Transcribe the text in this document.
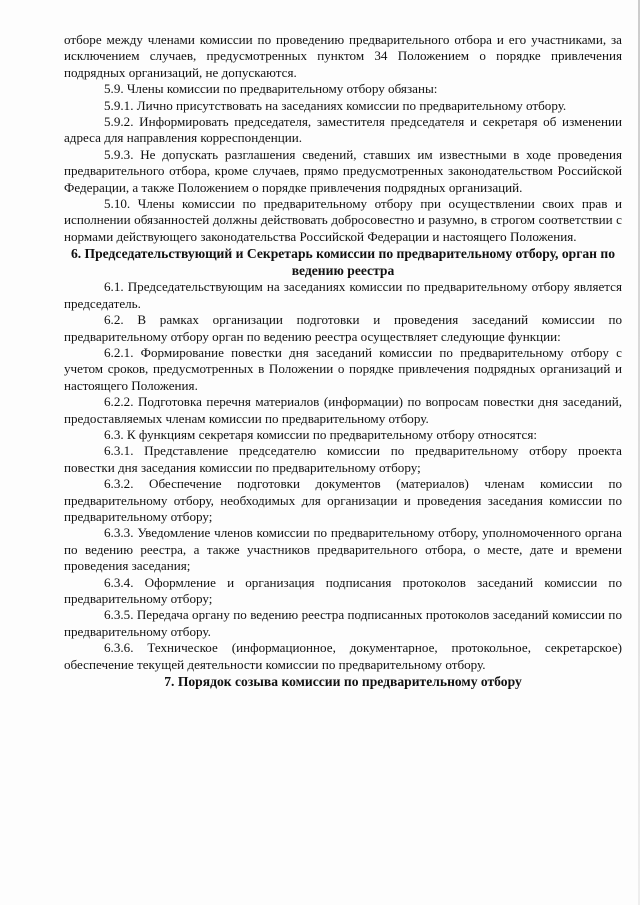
отборе между членами комиссии по проведению предварительного отбора и его участниками, за исключением случаев, предусмотренных пунктом 34 Положением о порядке привлечения подрядных организаций, не допускаются.

5.9. Члены комиссии по предварительному отбору обязаны:

5.9.1. Лично присутствовать на заседаниях комиссии по предварительному отбору.

5.9.2. Информировать председателя, заместителя председателя и секретаря об изменении адреса для направления корреспонденции.

5.9.3. Не допускать разглашения сведений, ставших им известными в ходе проведения предварительного отбора, кроме случаев, прямо предусмотренных законодательством Российской Федерации, а также Положением о порядке привлечения подрядных организаций.

5.10. Члены комиссии по предварительному отбору при осуществлении своих прав и исполнении обязанностей должны действовать добросовестно и разумно, в строгом соответствии с нормами действующего законодательства Российской Федерации и настоящего Положения.

6. Председательствующий и Секретарь комиссии по предварительному отбору, орган по ведению реестра

6.1. Председательствующим на заседаниях комиссии по предварительному отбору является председатель.

6.2. В рамках организации подготовки и проведения заседаний комиссии по предварительному отбору орган по ведению реестра осуществляет следующие функции:

6.2.1. Формирование повестки дня заседаний комиссии по предварительному отбору с учетом сроков, предусмотренных в Положении о порядке привлечения подрядных организаций и настоящего Положения.

6.2.2. Подготовка перечня материалов (информации) по вопросам повестки дня заседаний, предоставляемых членам комиссии по предварительному отбору.

6.3. К функциям секретаря комиссии по предварительному отбору относятся:

6.3.1. Представление председателю комиссии по предварительному отбору проекта повестки дня заседания комиссии по предварительному отбору;

6.3.2. Обеспечение подготовки документов (материалов) членам комиссии по предварительному отбору, необходимых для организации и проведения заседания комиссии по предварительному отбору;

6.3.3. Уведомление членов комиссии по предварительному отбору, уполномоченного органа по ведению реестра, а также участников предварительного отбора, о месте, дате и времени проведения заседания;

6.3.4. Оформление и организация подписания протоколов заседаний комиссии по предварительному отбору;

6.3.5. Передача органу по ведению реестра подписанных протоколов заседаний комиссии по предварительному отбору.

6.3.6. Техническое (информационное, документарное, протокольное, секретарское) обеспечение текущей деятельности комиссии по предварительному отбору.

7. Порядок созыва комиссии по предварительному отбору
